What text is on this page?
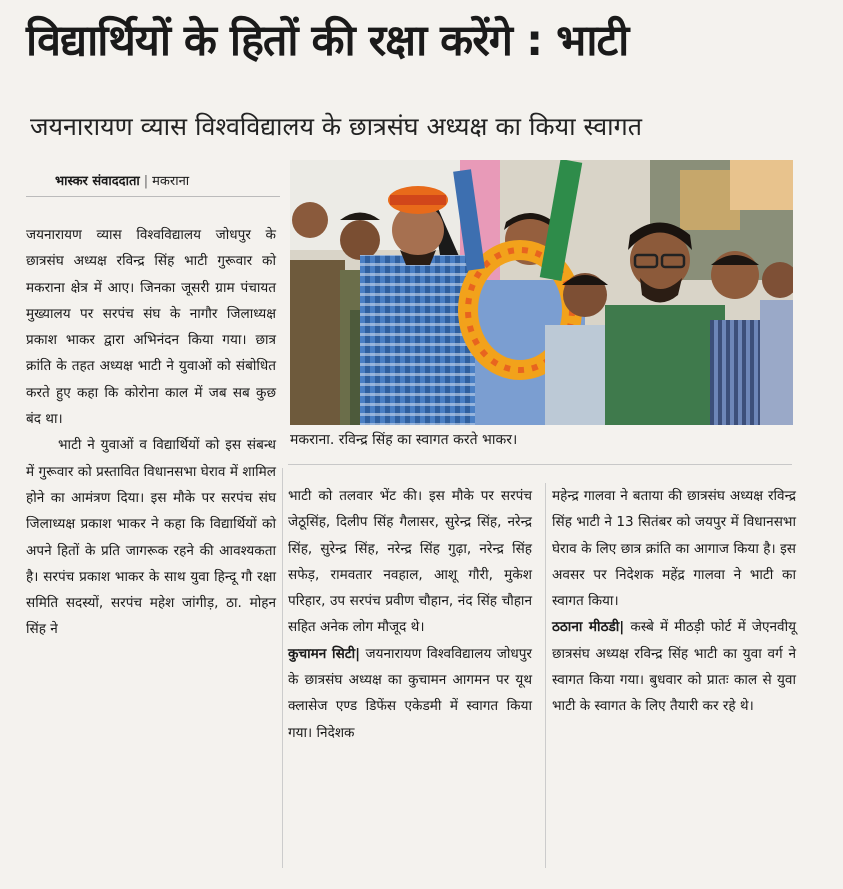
विद्यार्थियों के हितों की रक्षा करेंगे : भाटी
जयनारायण व्यास विश्वविद्यालय के छात्रसंघ अध्यक्ष का किया स्वागत
भास्कर संवाददाता | मकराना

जयनारायण व्यास विश्वविद्यालय जोधपुर के छात्रसंघ अध्यक्ष रविन्द्र सिंह भाटी गुरूवार को मकराना क्षेत्र में आए। जिनका जूसरी ग्राम पंचायत मुख्यालय पर सरपंच संघ के नागौर जिलाध्यक्ष प्रकाश भाकर द्वारा अभिनंदन किया गया। छात्र क्रांति के तहत अध्यक्ष भाटी ने युवाओं को संबोधित करते हुए कहा कि कोरोना काल में जब सब कुछ बंद था।

भाटी ने युवाओं व विद्यार्थियों को इस संबन्ध में गुरूवार को प्रस्तावित विधानसभा घेराव में शामिल होने का आमंत्रण दिया। इस मौके पर सरपंच संघ जिलाध्यक्ष प्रकाश भाकर ने कहा कि विद्यार्थियों को अपने हितों के प्रति जागरूक रहने की आवश्यकता है। सरपंच प्रकाश भाकर के साथ युवा हिन्दू गौ रक्षा समिति सदस्यों, सरपंच महेश जांगीड़, ठा. मोहन सिंह ने

मकराना. रविन्द्र सिंह का स्वागत करते भाकर।

भाटी को तलवार भेंट की। इस मौके पर सरपंच जेठूसिंह, दिलीप सिंह गैलासर, सुरेन्द्र सिंह, नरेन्द्र सिंह, सुरेन्द्र सिंह, नरेन्द्र सिंह गुढ़ा, नरेन्द्र सिंह सफेड़, रामवतार नवहाल, आशू गौरी, मुकेश परिहार, उप सरपंच प्रवीण चौहान, नंद सिंह चौहान सहित अनेक लोग मौजूद थे।

कुचामन सिटी| जयनारायण विश्वविद्यालय जोधपुर के छात्रसंघ अध्यक्ष का कुचामन आगमन पर यूथ क्लासेज एण्ड डिफेंस एकेडमी में स्वागत किया गया। निदेशक

महेन्द्र गालवा ने बताया की छात्रसंघ अध्यक्ष रविन्द्र सिंह भाटी ने 13 सितंबर को जयपुर में विधानसभा घेराव के लिए छात्र क्रांति का आगाज किया है। इस अवसर पर निदेशक महेंद्र गालवा ने भाटी का स्वागत किया।

ठठाना मीठडी| कस्बे में मीठड़ी फोर्ट में जेएनवीयू छात्रसंघ अध्यक्ष रविन्द्र सिंह भाटी का युवा वर्ग ने स्वागत किया गया। बुधवार को प्रातः काल से युवा भाटी के स्वागत के लिए तैयारी कर रहे थे।
